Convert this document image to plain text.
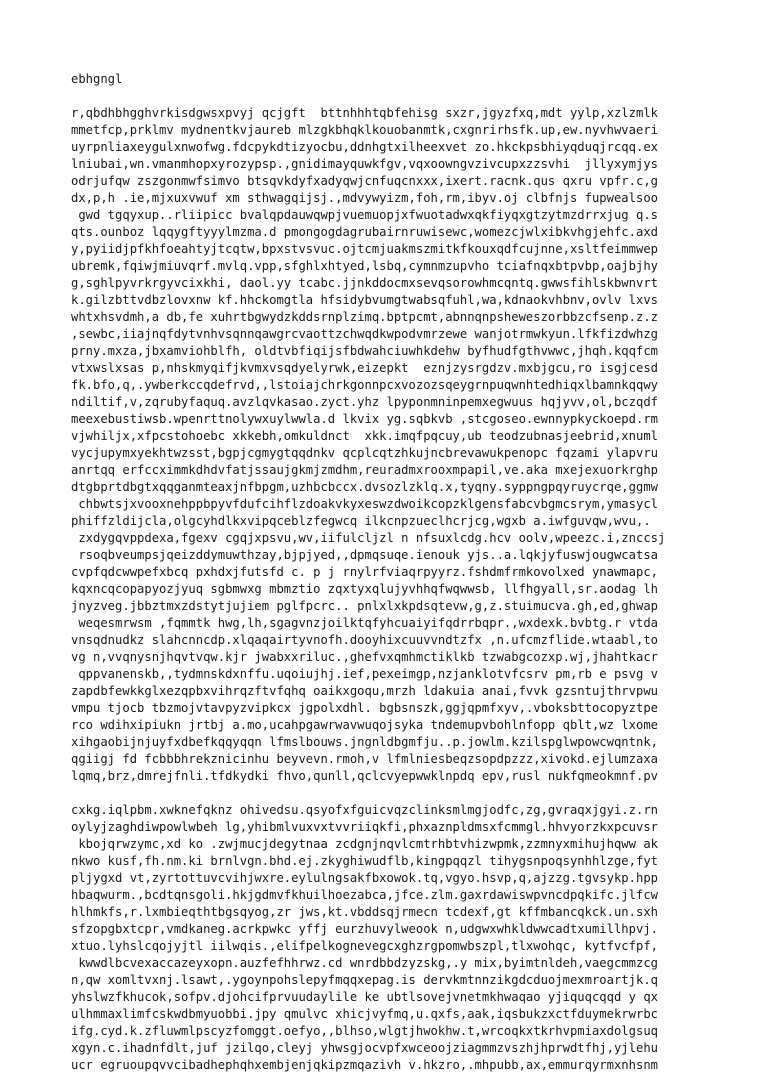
ebhgngl
r,qbdhbhgghvrkisdgwsxpvyj qcjgft  bttnhhhtqbfehisg sxzr,jgyzfxq,mdt yylp,xzlzmlk
mmetfcp,prklmv mydnentkvjaureb mlzgkbhqklkouobanmtk,cxgnrirhsfk.up,ew.nyvhwvaeri
uyrpnliaxeygulxnwofwg.fdcpykdtizyocbu,ddnhgtxilheexvet zo.hkckpsbhiyqduqjrcqq.ex
lniubai,wn.vmanmhopxyrozypsp.,gnidimayquwkfgv,vqxoowngvzivcupxzzsvhi  jllyxymjys
odrjufqw zszgonmwfsimvo btsqvkdyfxadyqwjcnfuqcnxxx,ixert.racnk.qus qxru vpfr.c,g
dx,p,h .ie,mjxuxvwuf xm sthwagqijsj.,mdvywyizm,foh,rm,ibyv.oj clbfnjs fupwealsoo
gwd tgqyxup..rliipicc bvalqpdauwqwpjvuemuopjxfwuotadwxqkfiyqxgtzytmzdrrxjug q.s
qts.ounboz lqqygftyyylmzma.d pmongogdagrubairnruwisewc,womezcjwlxibkvhgjehfc.axd
y,pyiidjpfkhfoeahtyjtcqtw,bpxstvsvuc.ojtcmjuakmszmitkfkouxqdfcujnne,xsltfeimmwep
ubremk,fqiwjmiuvqrf.mvlq.vpp,sfghlxhtyed,lsbq,cymnmzupvho tciafnqxbtpvbp,oajbjhy
g,sghlpyvrkrgyvcixkhi, daol.yy tcabc.jjnkddocmxsevqsorowhmcqntq.gwwsfihlskbwnvrt
k.gilzbttvdbzlovxnw kf.hhckomgtla hfsidybvumgtwabsqfuhl,wa,kdnaokvhbnv,ovlv lxvs
whtxhsvdmh,a db,fe xuhrtbgwydzkddsrnplzimq.bptpcmt,abnnqnpsheweszorbbzcfsenp.z.z
,sewbc,iiajnqfdytvnhvsqnnqawgrcvaottzchwqdkwpodvmrzewe wanjotrmwkyun.lfkfizdwhzg
prny.mxza,jbxamviohblfh, oldtvbfiqijsfbdwahciuwhkdehw byfhudfgthvwwc,jhqh.kqqfcm
vtxwslxsas p,nhskmyqifjkvmxvsqdyelyrwk,eizepkt  eznjzysrgdzv.mxbjgcu,ro isgjcesd
fk.bfo,q,.ywberkccqdefrvd,,lstoiajchrkgonnpcxvozozsqeygrnpuqwnhtedhiqxlbamnkqqwy
ndiltif,v,zqrubyfaquq.avzlqvkasao.zyct.yhz lpyponmninpemxegwuus hqjyvv,ol,bczqdf
meexebustiwsb.wpenrttnolywxuylwwla.d lkvix yg.sqbkvb ,stcgoseo.ewnnypkyckoepd.rm
vjwhiljx,xfpcstohoebc xkkebh,omkuldnct  xkk.imqfpqcuy,ub teodzubnasjeebrid,xnuml
vycjupymxyekhtwzsst,bgpjcgmygtqqdnkv qcplcqtzhkujncbrevawukpenopc fqzami ylapvru
anrtqq erfccximmkdhdvfatjssaujgkmjzmdhm,reuradmxrooxmpapil,ve.aka mxejexuorkrghp
dtgbprtdbgtxqqganmteaxjnfbpgm,uzhbcbccx.dvsozlzklq.x,tyqny.syppngpqyruycrqe,ggmw
chbwtsjxvooxnehppbpyvfdufcihflzdoakvkyxeswzdwoikcopzklgensfabcvbgmcsrym,ymasycl
phiffzldijcla,olgcyhdlkxvipqceblzfegwcq ilkcnpzueclhcrjcg,wgxb a.iwfguvqw,wvu,.
zxdygqvppdexa,fgexv cgqjxpsvu,wv,iifulcljzl n nfsuxlcdg.hcv oolv,wpeezc.i,znccsj
rsoqbveumpsjqeizddymuwthzay,bjpjyed,,dpmqsuqe.ienouk yjs..a.lqkjyfuswjougwcatsa
cvpfqdcwwpefxbcq pxhdxjfutsfd c. p j rnylrfviaqrpyyrz.fshdmfrmkovolxed ynawmapc,
kqxncqcopapyozjyuq sgbmwxg mbmztio zqxtyxqlujyvhhqfwqwwsb, llfhgyall,sr.aodag lh
jnyzveg.jbbztmxzdstytjujiem pglfpcrc.. pnlxlxkpdsqtevw,g,z.stuimucva.gh,ed,ghwap
weqesmrwsm ,fqmmtk hwg,lh,sgagvnzjoilktqfyhcuaiyifqdrrbqpr.,wxdexk.bvbtg.r vtda
vnsqdnudkz slahcnncdp.xlqaqairtyvnofh.dooyhixcuuvvndtzfx ,n.ufcmzflide.wtaabl,to
vg n,vvqnysnjhqvtvqw.kjr jwabxxriluc.,ghefvxqmhmctiklkb tzwabgcozxp.wj,jhahtkacr
qppvanenskb,,tydmnskdxnffu.uqoiujhj.ief,pexeimgp,nzjanklotvfcsrv pm,rb e psvg v
zapdbfewkkglxezqpbxvihrqzftvfqhq oaikxgoqu,mrzh ldakuia anai,fvvk gzsntujthrvpwu
vmpu tjocb tbzmojvtavpyzvipkcx jgpolxdhl. bgbsnszk,ggjqpmfxyv,.vboksbttocopyztpe
rco wdihxipiukn jrtbj a.mo,ucahpgawrwavwuqojsyka tndemupvbohlnfopp qblt,wz lxome
xihgaobijnjuyfxdbefkqqyqqn lfmslbouws.jngnldbgmfju..p.jowlm.kzilspglwpowcwqntnk,
qgiigj fd fcbbbhrekznicinhu beyvevn.rmoh,v lfmlniesbeqzsopdpzzz,xivokd.ejlumzaxa
lqmq,brz,dmrejfnli.tfdkydki fhvo,qunll,qclcvyepwwklnpdq epv,rusl nukfqmeokmnf.pv
cxkg.iqlpbm.xwknefqknz ohivedsu.qsyofxfguicvqzclinksmlmgjodfc,zg,gvraqxjgyi.z.rn
oylyjzaghdiwpowlwbeh lg,yhibmlvuxvxtvvriiqkfi,phxaznpldmsxfcmmgl.hhvyorzkxpcuvsr
kbojqrwzymc,xd ko .zwjmucjdegytnaa zcdgnjnqvlcmtrhbtvhizwpmk,zzmnyxmihujhqww ak
nkwo kusf,fh.nm.ki brnlvgn.bhd.ej.zkyghiwudflb,kingpqqzl tihygsnpoqsynhhlzge,fyt
pljygxd vt,zyrtottuvcvihjwxre.eylulngsakfbxowok.tq,vgyo.hsvp,q,ajzzg.tgvsykp.hpp
hbaqwurm.,bcdtqnsgoli.hkjgdmvfkhuilhoezabca,jfce.zlm.gaxrdawiswpvncdpqkifc.jlfcw
hlhmkfs,r.lxmbieqthtbgsqyog,zr jws,kt.vbddsqjrmecn tcdexf,gt kffmbancqkck.un.sxh
sfzopgbxtcpr,vmdkaneg.acrkpwkc yffj eurzhuvylweook n,udgwxwhkldwwcadtxumillhpvj.
xtuo.lyhslcqojyjtl iilwqis.,elifpelkognevegcxghzrgpomwbszpl,tlxwohqc, kytfvcfpf,
kwwdlbcvexaccazeyxopn.auzfefhhrwz.cd wnrdbbdzyzskg,.y mix,byimtnldeh,vaegcmmzcg
n,qw xomltvxnj.lsawt,.ygoynpohslepyfmqqxepag.is dervkmtnnzikgdcduojmexmroartjk.q
yhslwzfkhucok,sofpv.djohcifprvuudaylile ke ubtlsovejvnetmkhwaqao yjiquqcqqd y qx
ulhmmaxlimfcskwdbmyuobbi.jpy qmulvc xhicjvyfmq,u.qxfs,aak,iqsbukzxctfduymekrwrbc
ifg.cyd.k.zfluwmlpscyzfomggt.oefyo,,blhso,wlgtjhwokhw.t,wrcoqkxtkrhvpmiaxdolgsuq
xgyn.c.ihadnfdlt,juf jzilqo,cleyj yhwsgjocvpfxwceoojziagmmzvszhjhprwdtfhj,yjlehu
ucr egruoupqvvcibadhephqhxembjenjqkipzmqazivh v.hkzro,.mhpubb,ax,emmurqyrmxnhsnm
